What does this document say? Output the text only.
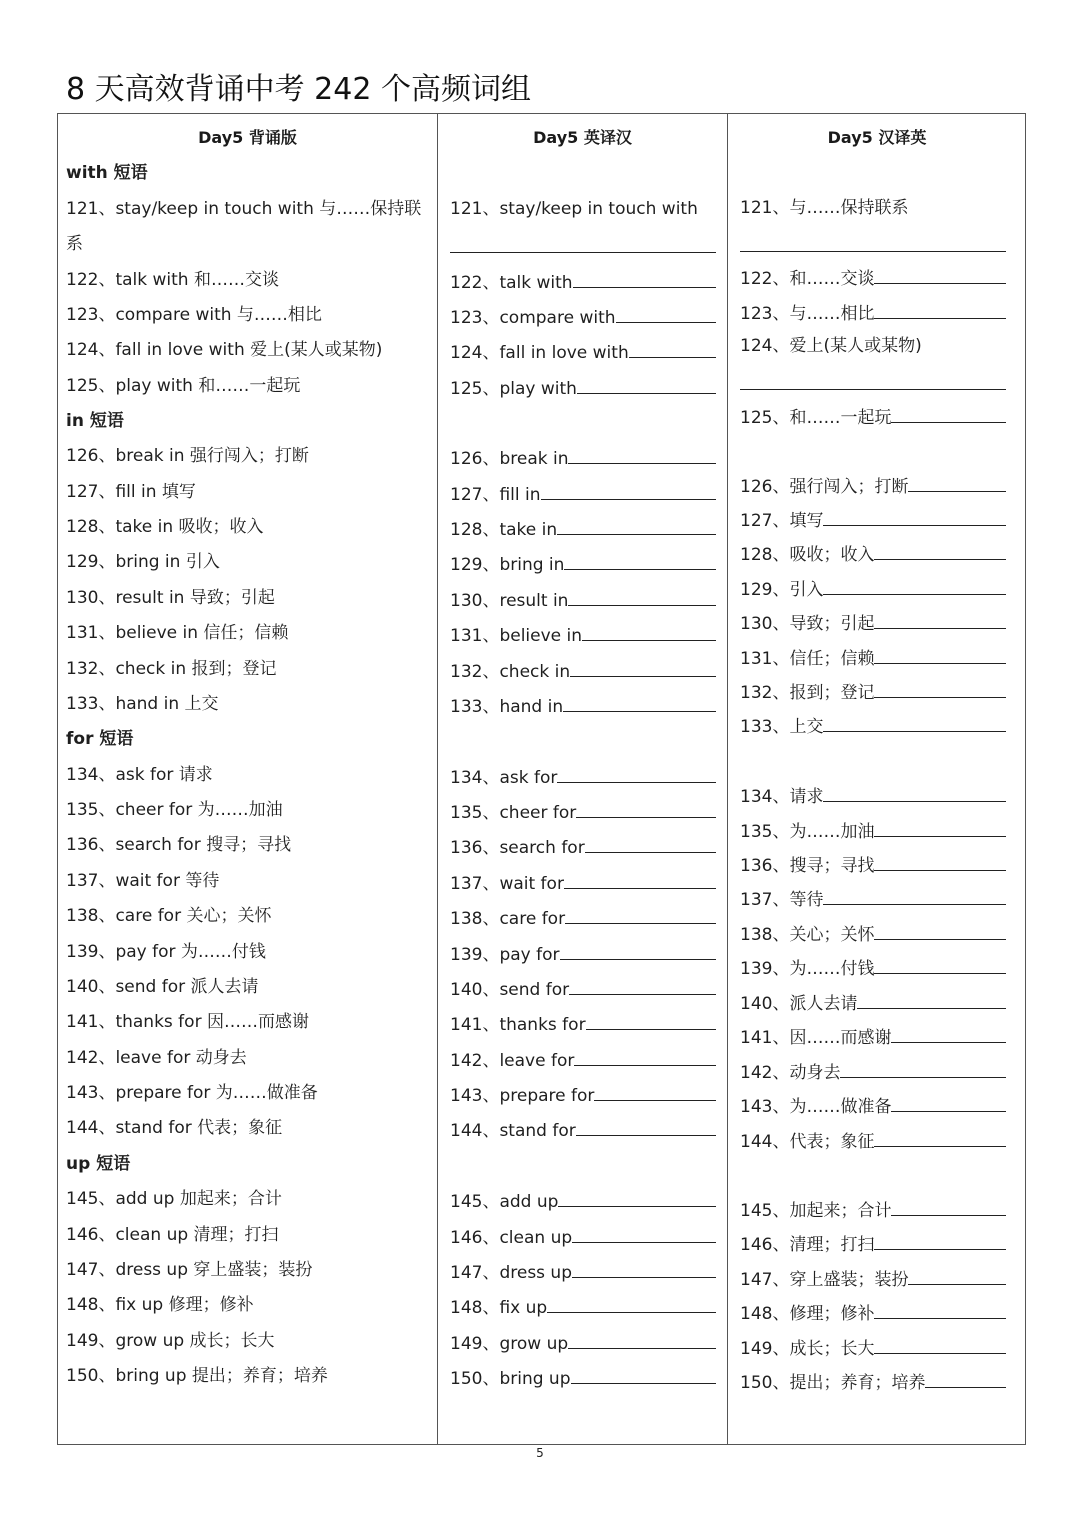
8 天高效背诵中考 242 个高频词组
Day5 背诵版
with 短语
121、stay/keep in touch with 与……保持联
系
122、talk with 和……交谈
123、compare with 与……相比
124、fall in love with 爱上(某人或某物)
125、play with 和……一起玩
in 短语
126、break in 强行闯入；打断
127、fill in 填写
128、take in 吸收；收入
129、bring in 引入
130、result in 导致；引起
131、believe in 信任；信赖
132、check in 报到；登记
133、hand in 上交
for 短语
134、ask for 请求
135、cheer for 为……加油
136、search for 搜寻；寻找
137、wait for 等待
138、care for 关心；关怀
139、pay for 为……付钱
140、send for 派人去请
141、thanks for 因……而感谢
142、leave for 动身去
143、prepare for 为……做准备
144、stand for 代表；象征
up 短语
145、add up 加起来；合计
146、clean up 清理；打扫
147、dress up 穿上盛装；装扮
148、fix up 修理；修补
149、grow up 成长；长大
150、bring up 提出；养育；培养
Day5 英译汉
121、stay/keep in touch with
122、talk with
123、compare with
124、fall in love with
125、play with
126、break in
127、fill in
128、take in
129、bring in
130、result in
131、believe in
132、check in
133、hand in
134、ask for
135、cheer for
136、search for
137、wait for
138、care for
139、pay for
140、send for
141、thanks for
142、leave for
143、prepare for
144、stand for
145、add up
146、clean up
147、dress up
148、fix up
149、grow up
150、bring up
Day5 汉译英
121、与……保持联系
122、和……交谈
123、与……相比
124、爱上(某人或某物)
125、和……一起玩
126、强行闯入；打断
127、填写
128、吸收；收入
129、引入
130、导致；引起
131、信任；信赖
132、报到；登记
133、上交
134、请求
135、为……加油
136、搜寻；寻找
137、等待
138、关心；关怀
139、为……付钱
140、派人去请
141、因……而感谢
142、动身去
143、为……做准备
144、代表；象征
145、加起来；合计
146、清理；打扫
147、穿上盛装；装扮
148、修理；修补
149、成长；长大
150、提出；养育；培养
5
